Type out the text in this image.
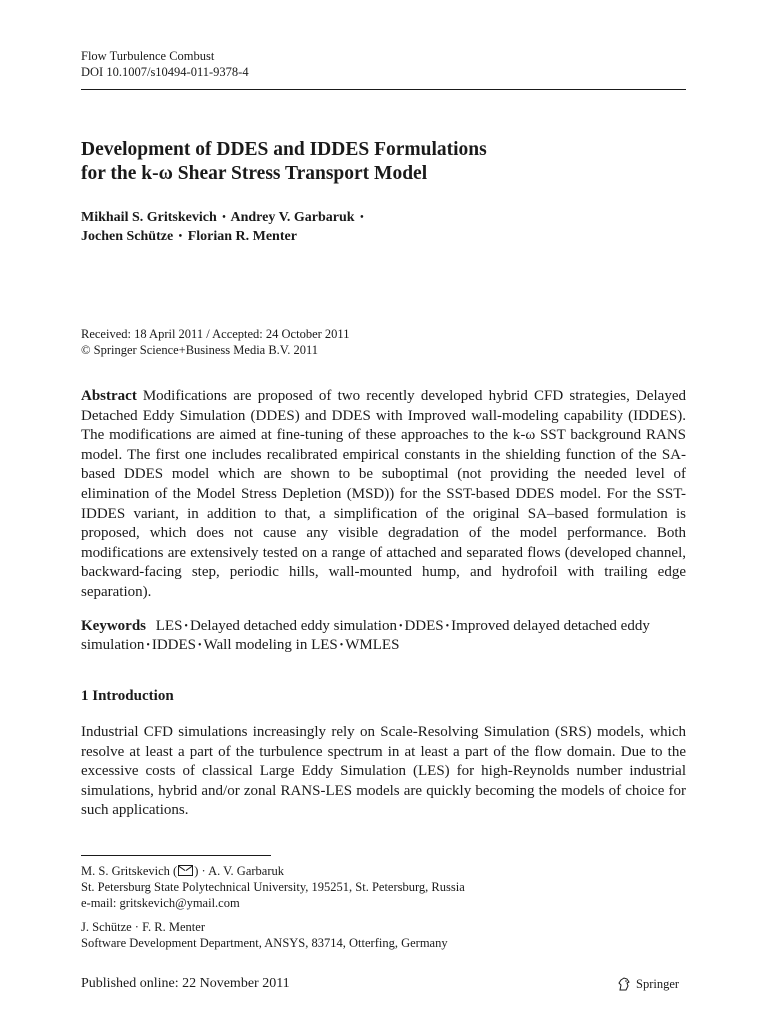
Flow Turbulence Combust
DOI 10.1007/s10494-011-9378-4
Development of DDES and IDDES Formulations
for the k-ω Shear Stress Transport Model
Mikhail S. Gritskevich • Andrey V. Garbaruk •
Jochen Schütze • Florian R. Menter
Received: 18 April 2011 / Accepted: 24 October 2011
© Springer Science+Business Media B.V. 2011
Abstract Modifications are proposed of two recently developed hybrid CFD strategies, Delayed Detached Eddy Simulation (DDES) and DDES with Improved wall-modeling capability (IDDES). The modifications are aimed at fine-tuning of these approaches to the k-ω SST background RANS model. The first one includes recalibrated empirical constants in the shielding function of the SA-based DDES model which are shown to be suboptimal (not providing the needed level of elimination of the Model Stress Depletion (MSD)) for the SST-based DDES model. For the SST-IDDES variant, in addition to that, a simplification of the original SA–based formulation is proposed, which does not cause any visible degradation of the model performance. Both modifications are extensively tested on a range of attached and separated flows (developed channel, backward-facing step, periodic hills, wall-mounted hump, and hydrofoil with trailing edge separation).
Keywords LES • Delayed detached eddy simulation • DDES • Improved delayed detached eddy simulation • IDDES • Wall modeling in LES • WMLES
1 Introduction
Industrial CFD simulations increasingly rely on Scale-Resolving Simulation (SRS) models, which resolve at least a part of the turbulence spectrum in at least a part of the flow domain. Due to the excessive costs of classical Large Eddy Simulation (LES) for high-Reynolds number industrial simulations, hybrid and/or zonal RANS-LES models are quickly becoming the models of choice for such applications.
M. S. Gritskevich ( ) · A. V. Garbaruk
St. Petersburg State Polytechnical University, 195251, St. Petersburg, Russia
e-mail: gritskevich@ymail.com
J. Schütze · F. R. Menter
Software Development Department, ANSYS, 83714, Otterfing, Germany
Published online: 22 November 2011	Springer
